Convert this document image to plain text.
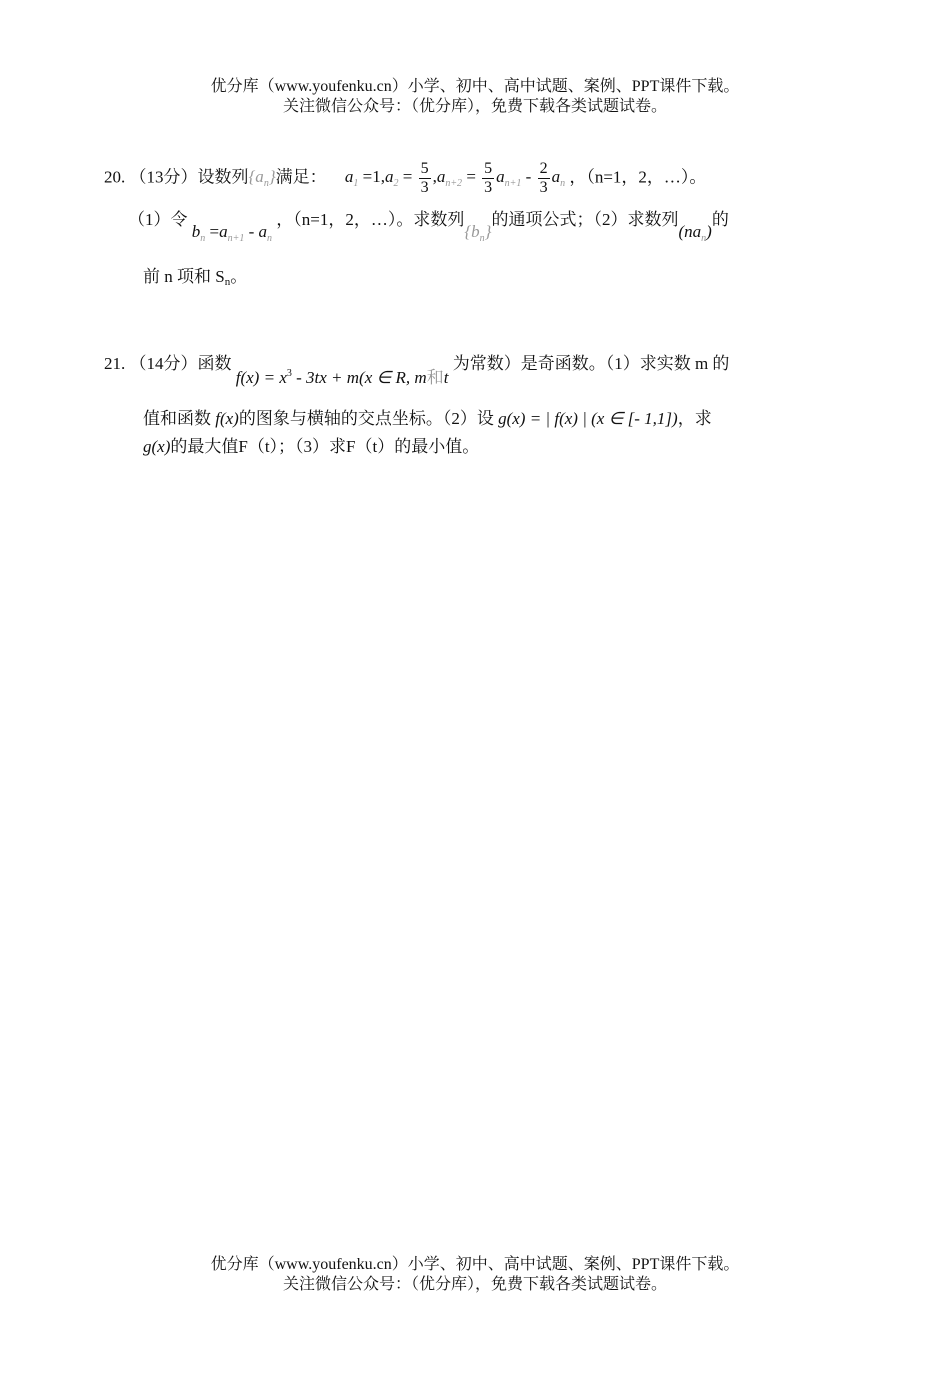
优分库（www.youfenku.cn）小学、初中、高中试题、案例、PPT课件下载。
关注微信公众号：（优分库），免费下载各类试题试卷。
20. （13分）设数列$\{a_n\}$满足： $a_1 =1,a_2 = \frac{5}{3} ,a_{n+2} = \frac{5}{3} a_{n+1} - \frac{2}{3} a_n$ ，（n=1，2，…）。
（1）令 $b_n =a_{n+1} - a_n$ ，（n=1，2，…）。求数列$\{b_n\}$的通项公式；（2）求数列$(na_n)$的
前 n 项和 Sn。
21. （14分）函数 $f(x) = x^3 - 3tx + m(x$ ∈ R, m和t 为常数）是奇函数。（1）求实数 m 的
值和函数 f(x)的图象与横轴的交点坐标。（2）设 g(x) = | f(x) | (x ∈ [- 1,1])，求
g(x)的最大值F（t）；（3）求F（t）的最小值。
优分库（www.youfenku.cn）小学、初中、高中试题、案例、PPT课件下载。
关注微信公众号：（优分库），免费下载各类试题试卷。
